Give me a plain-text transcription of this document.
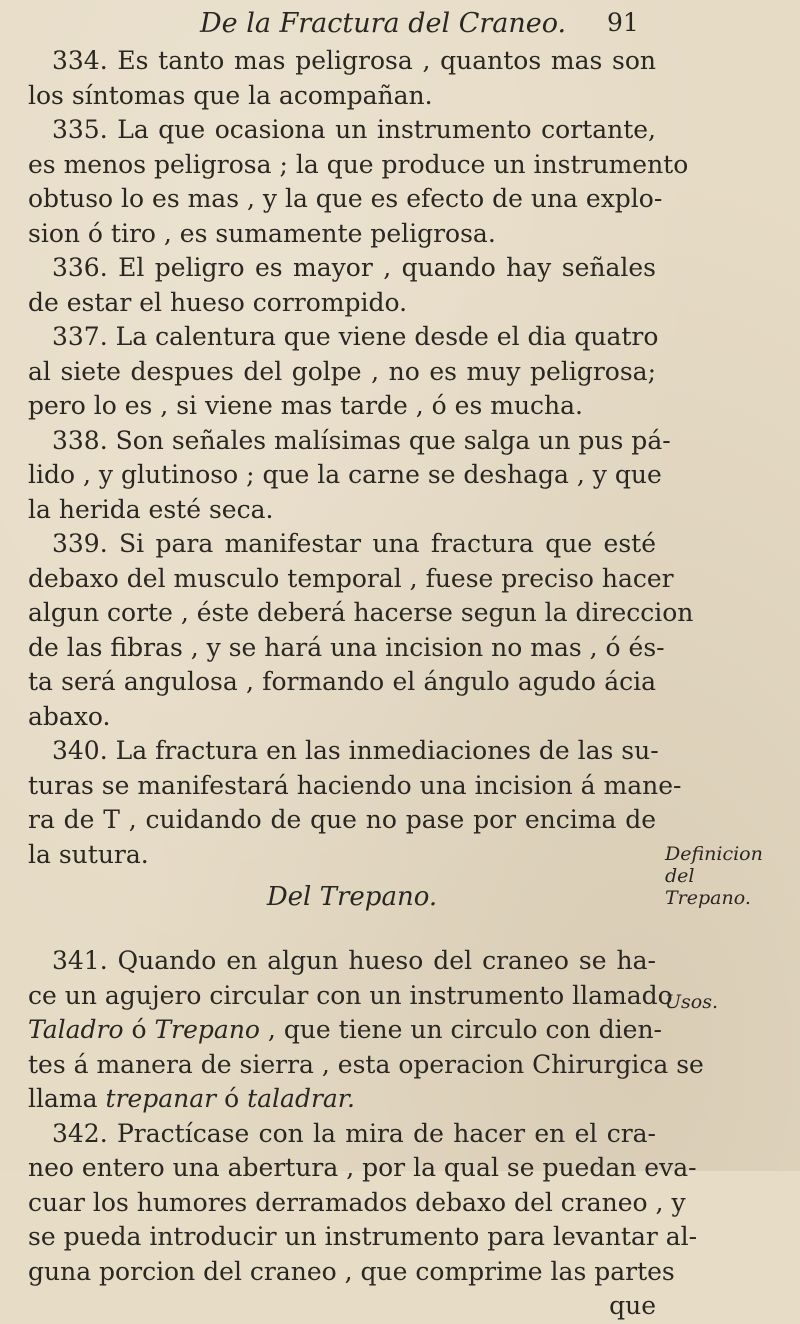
De la Fractura del Craneo.	91
334. Es tanto mas peligrosa , quantos mas son
los síntomas que la acompañan.
335. La que ocasiona un instrumento cortante,
es menos peligrosa ; la que produce un instrumento
obtuso lo es mas , y la que es efecto de una explo-
sion ó tiro , es sumamente peligrosa.
336. El peligro es mayor , quando hay señales
de estar el hueso corrompido.
337. La calentura que viene desde el dia quatro
al siete despues del golpe , no es muy peligrosa;
pero lo es , si viene mas tarde , ó es mucha.
338. Son señales malísimas que salga un pus pá-
lido , y glutinoso ; que la carne se deshaga , y que
la herida esté seca.
339. Si para manifestar una fractura que esté
debaxo del musculo temporal , fuese preciso hacer
algun corte , éste deberá hacerse segun la direccion
de las fibras , y se hará una incision no mas , ó és-
ta será angulosa , formando el ángulo agudo ácia
abaxo.
340. La fractura en las inmediaciones de las su-
turas se manifestará haciendo una incision á mane-
ra de T , cuidando de que no pase por encima de
la sutura.
Del Trepano.
341. Quando en algun hueso del craneo se ha-
ce un agujero circular con un instrumento llamado
Taladro ó Trepano , que tiene un circulo con dien-
tes á manera de sierra , esta operacion Chirurgica se
llama trepanar ó taladrar.
342. Practícase con la mira de hacer en el cra-
neo entero una abertura , por la qual se puedan eva-
cuar los humores derramados debaxo del craneo , y
se pueda introducir un instrumento para levantar al-
guna porcion del craneo , que comprime las partes
que
Definicion del
Trepano.
Usos.
